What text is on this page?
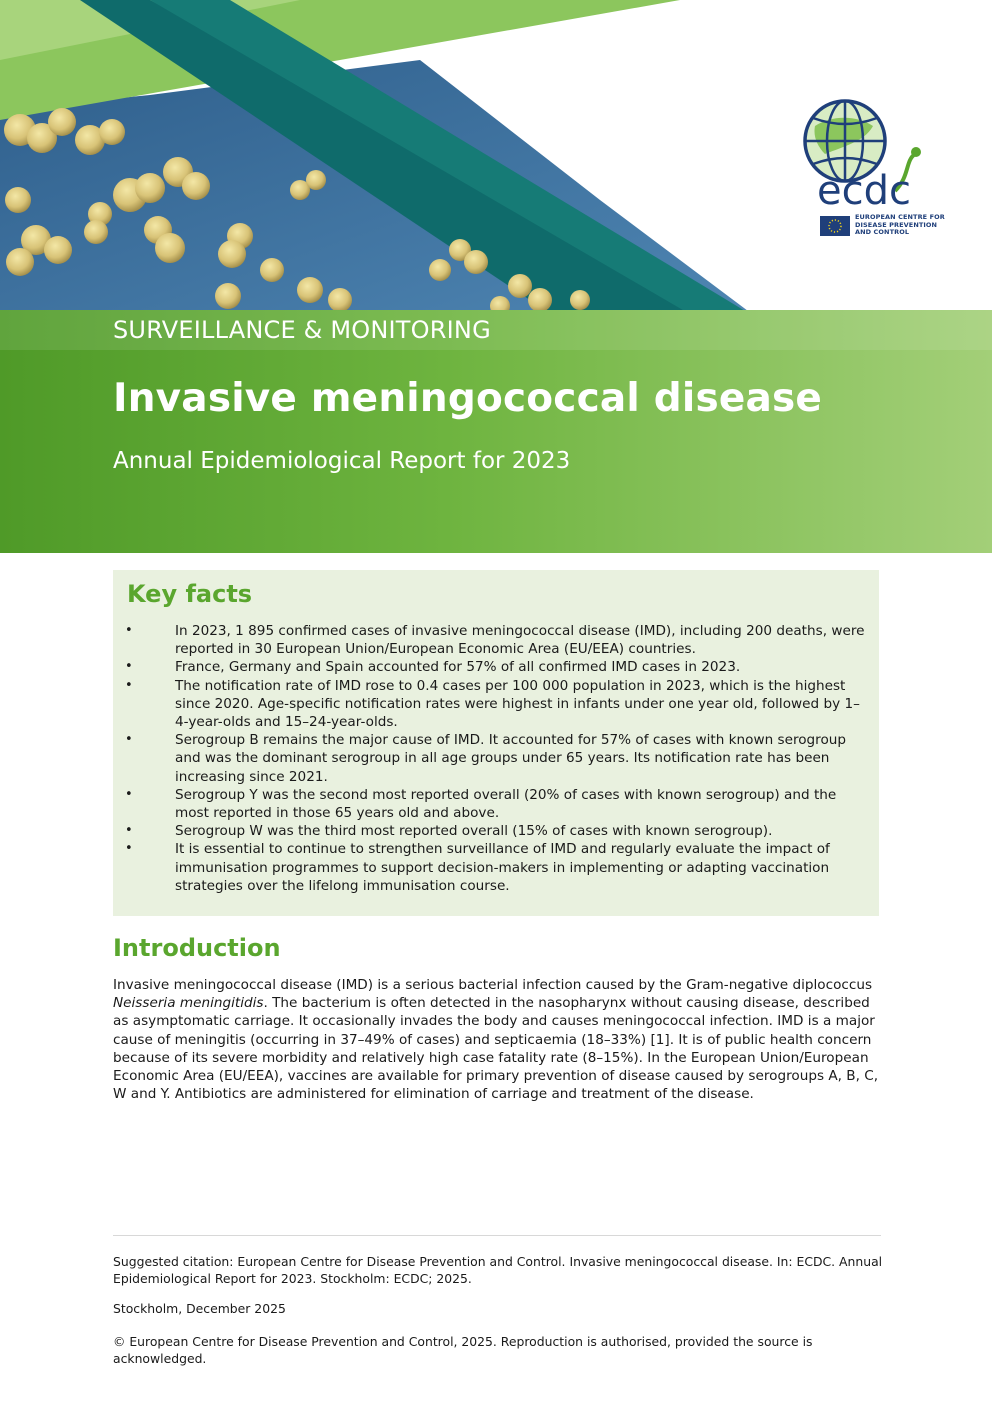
ecdc
EUROPEAN CENTRE FOR
DISEASE PREVENTION
AND CONTROL
SURVEILLANCE & MONITORING
Invasive meningococcal disease
Annual Epidemiological Report for 2023
Key facts
•	In 2023, 1 895 confirmed cases of invasive meningococcal disease (IMD), including 200 deaths, were reported in 30 European Union/European Economic Area (EU/EEA) countries.
•	France, Germany and Spain accounted for 57% of all confirmed IMD cases in 2023.
•	The notification rate of IMD rose to 0.4 cases per 100 000 population in 2023, which is the highest since 2020. Age-specific notification rates were highest in infants under one year old, followed by 1–4-year-olds and 15–24-year-olds.
•	Serogroup B remains the major cause of IMD. It accounted for 57% of cases with known serogroup and was the dominant serogroup in all age groups under 65 years. Its notification rate has been increasing since 2021.
•	Serogroup Y was the second most reported overall (20% of cases with known serogroup) and the most reported in those 65 years old and above.
•	Serogroup W was the third most reported overall (15% of cases with known serogroup).
•	It is essential to continue to strengthen surveillance of IMD and regularly evaluate the impact of immunisation programmes to support decision-makers in implementing or adapting vaccination strategies over the lifelong immunisation course.
Introduction
Invasive meningococcal disease (IMD) is a serious bacterial infection caused by the Gram-negative diplococcus Neisseria meningitidis. The bacterium is often detected in the nasopharynx without causing disease, described as asymptomatic carriage. It occasionally invades the body and causes meningococcal infection. IMD is a major cause of meningitis (occurring in 37–49% of cases) and septicaemia (18–33%) [1]. It is of public health concern because of its severe morbidity and relatively high case fatality rate (8–15%). In the European Union/European Economic Area (EU/EEA), vaccines are available for primary prevention of disease caused by serogroups A, B, C, W and Y. Antibiotics are administered for elimination of carriage and treatment of the disease.
Suggested citation: European Centre for Disease Prevention and Control. Invasive meningococcal disease. In: ECDC. Annual Epidemiological Report for 2023. Stockholm: ECDC; 2025.
Stockholm, December 2025
© European Centre for Disease Prevention and Control, 2025. Reproduction is authorised, provided the source is acknowledged.
